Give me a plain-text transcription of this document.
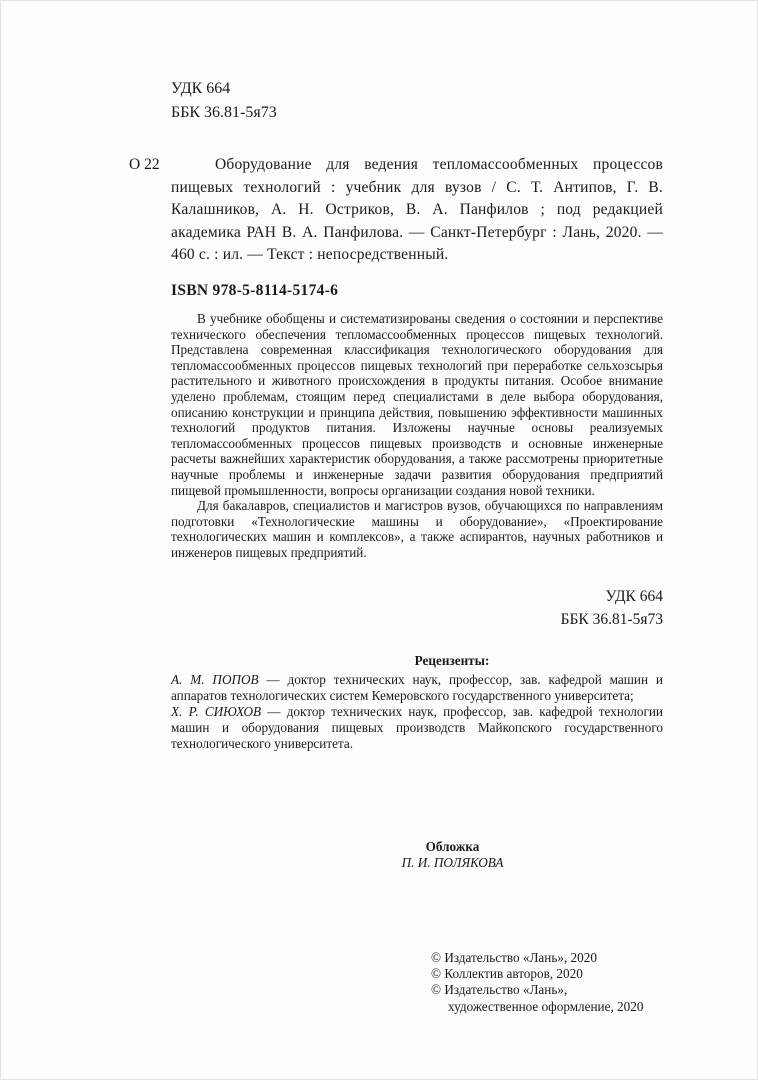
УДК 664
ББК 36.81-5я73
О 22	Оборудование для ведения тепломассообменных процессов пищевых технологий : учебник для вузов / С. Т. Антипов, Г. В. Калашников, А. Н. Остриков, В. А. Панфилов ; под редакцией академика РАН В. А. Панфилова. — Санкт-Петербург : Лань, 2020. — 460 с. : ил. — Текст : непосредственный.
ISBN 978-5-8114-5174-6

В учебнике обобщены и систематизированы сведения о состоянии и перспективе технического обеспечения тепломассообменных процессов пищевых технологий. Представлена современная классификация технологического оборудования для тепломассообменных процессов пищевых технологий при переработке сельхозсырья растительного и животного происхождения в продукты питания. Особое внимание уделено проблемам, стоящим перед специалистами в деле выбора оборудования, описанию конструкции и принципа действия, повышению эффективности машинных технологий продуктов питания. Изложены научные основы реализуемых тепломассообменных процессов пищевых производств и основные инженерные расчеты важнейших характеристик оборудования, а также рассмотрены приоритетные научные проблемы и инженерные задачи развития оборудования предприятий пищевой промышленности, вопросы организации создания новой техники.

Для бакалавров, специалистов и магистров вузов, обучающихся по направлениям подготовки «Технологические машины и оборудование», «Проектирование технологических машин и комплексов», а также аспирантов, научных работников и инженеров пищевых предприятий.

УДК 664
ББК 36.81-5я73

Рецензенты:

А. М. ПОПОВ — доктор технических наук, профессор, зав. кафедрой машин и аппаратов технологических систем Кемеровского государственного университета;

Х. Р. СИЮХОВ — доктор технических наук, профессор, зав. кафедрой технологии машин и оборудования пищевых производств Майкопского государственного технологического университета.

Обложка
П. И. ПОЛЯКОВА
© Издательство «Лань», 2020
© Коллектив авторов, 2020
© Издательство «Лань»,
художественное оформление, 2020
